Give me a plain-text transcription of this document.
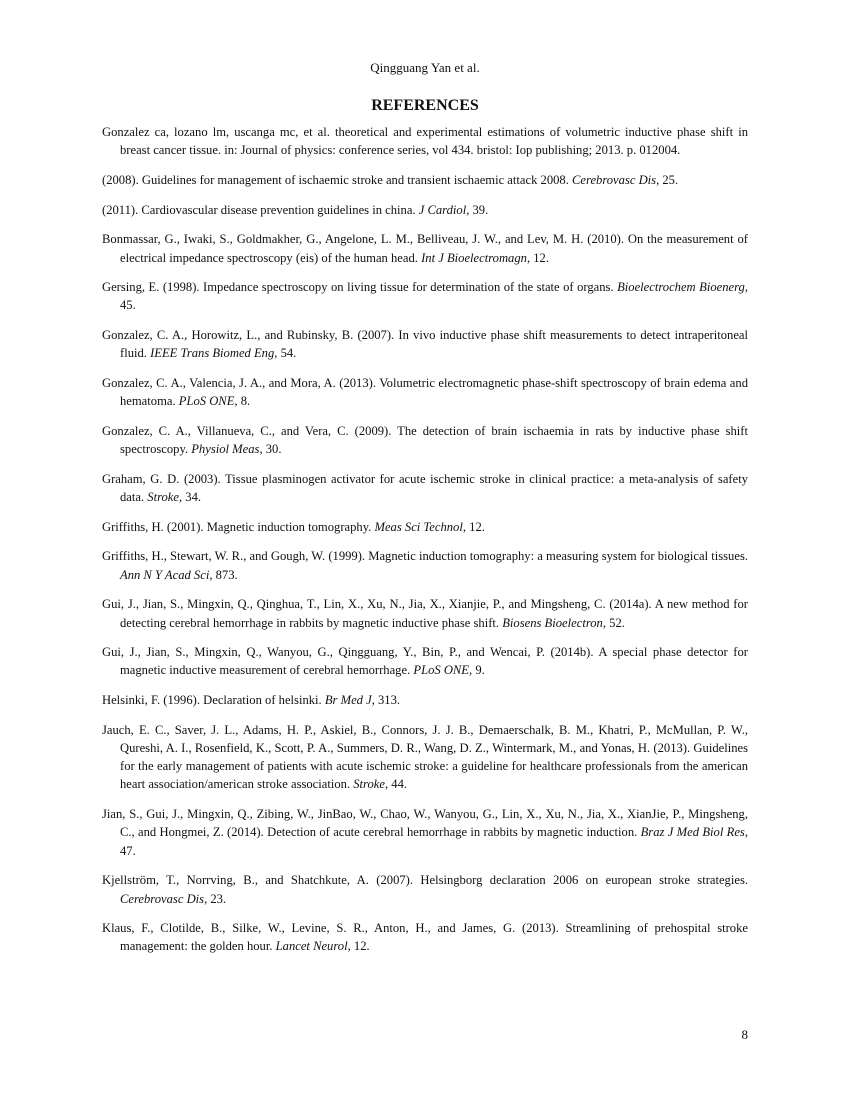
Qingguang Yan et al.
REFERENCES

Gonzalez ca, lozano lm, uscanga mc, et al. theoretical and experimental estimations of volumetric inductive phase shift in breast cancer tissue. in: Journal of physics: conference series, vol 434. bristol: Iop publishing; 2013. p. 012004.

(2008). Guidelines for management of ischaemic stroke and transient ischaemic attack 2008. Cerebrovasc Dis, 25.

(2011). Cardiovascular disease prevention guidelines in china. J Cardiol, 39.

Bonmassar, G., Iwaki, S., Goldmakher, G., Angelone, L. M., Belliveau, J. W., and Lev, M. H. (2010). On the measurement of electrical impedance spectroscopy (eis) of the human head. Int J Bioelectromagn, 12.

Gersing, E. (1998). Impedance spectroscopy on living tissue for determination of the state of organs. Bioelectrochem Bioenerg, 45.

Gonzalez, C. A., Horowitz, L., and Rubinsky, B. (2007). In vivo inductive phase shift measurements to detect intraperitoneal fluid. IEEE Trans Biomed Eng, 54.

Gonzalez, C. A., Valencia, J. A., and Mora, A. (2013). Volumetric electromagnetic phase-shift spectroscopy of brain edema and hematoma. PLoS ONE, 8.

Gonzalez, C. A., Villanueva, C., and Vera, C. (2009). The detection of brain ischaemia in rats by inductive phase shift spectroscopy. Physiol Meas, 30.

Graham, G. D. (2003). Tissue plasminogen activator for acute ischemic stroke in clinical practice: a meta-analysis of safety data. Stroke, 34.

Griffiths, H. (2001). Magnetic induction tomography. Meas Sci Technol, 12.

Griffiths, H., Stewart, W. R., and Gough, W. (1999). Magnetic induction tomography: a measuring system for biological tissues. Ann N Y Acad Sci, 873.

Gui, J., Jian, S., Mingxin, Q., Qinghua, T., Lin, X., Xu, N., Jia, X., Xianjie, P., and Mingsheng, C. (2014a). A new method for detecting cerebral hemorrhage in rabbits by magnetic inductive phase shift. Biosens Bioelectron, 52.

Gui, J., Jian, S., Mingxin, Q., Wanyou, G., Qingguang, Y., Bin, P., and Wencai, P. (2014b). A special phase detector for magnetic inductive measurement of cerebral hemorrhage. PLoS ONE, 9.

Helsinki, F. (1996). Declaration of helsinki. Br Med J, 313.

Jauch, E. C., Saver, J. L., Adams, H. P., Askiel, B., Connors, J. J. B., Demaerschalk, B. M., Khatri, P., McMullan, P. W., Qureshi, A. I., Rosenfield, K., Scott, P. A., Summers, D. R., Wang, D. Z., Wintermark, M., and Yonas, H. (2013). Guidelines for the early management of patients with acute ischemic stroke: a guideline for healthcare professionals from the american heart association/american stroke association. Stroke, 44.

Jian, S., Gui, J., Mingxin, Q., Zibing, W., JinBao, W., Chao, W., Wanyou, G., Lin, X., Xu, N., Jia, X., XianJie, P., Mingsheng, C., and Hongmei, Z. (2014). Detection of acute cerebral hemorrhage in rabbits by magnetic induction. Braz J Med Biol Res, 47.

Kjellström, T., Norrving, B., and Shatchkute, A. (2007). Helsingborg declaration 2006 on european stroke strategies. Cerebrovasc Dis, 23.

Klaus, F., Clotilde, B., Silke, W., Levine, S. R., Anton, H., and James, G. (2013). Streamlining of prehospital stroke management: the golden hour. Lancet Neurol, 12.

8
